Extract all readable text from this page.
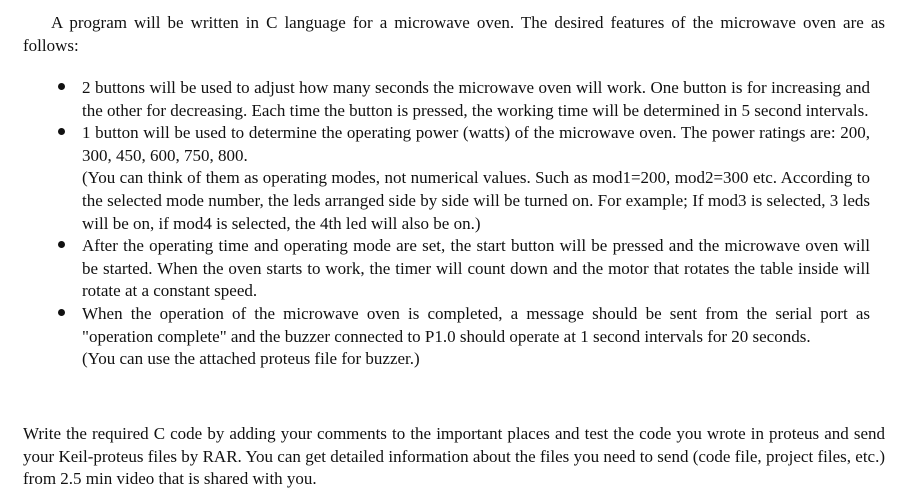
A program will be written in C language for a microwave oven. The desired features of the microwave oven are as follows:

2 buttons will be used to adjust how many seconds the microwave oven will work. One button is for increasing and the other for decreasing. Each time the button is pressed, the working time will be determined in 5 second intervals.
1 button will be used to determine the operating power (watts) of the microwave oven. The power ratings are: 200, 300, 450, 600, 750, 800.
(You can think of them as operating modes, not numerical values. Such as mod1=200, mod2=300 etc. According to the selected mode number, the leds arranged side by side will be turned on. For example; If mod3 is selected, 3 leds will be on, if mod4 is selected, the 4th led will also be on.)
After the operating time and operating mode are set, the start button will be pressed and the microwave oven will be started. When the oven starts to work, the timer will count down and the motor that rotates the table inside will rotate at a constant speed.
When the operation of the microwave oven is completed, a message should be sent from the serial port as "operation complete" and the buzzer connected to P1.0 should operate at 1 second intervals for 20 seconds.
(You can use the attached proteus file for buzzer.)

Write the required C code by adding your comments to the important places and test the code you wrote in proteus and send your Keil-proteus files by RAR. You can get detailed information about the files you need to send (code file, project files, etc.) from 2.5 min video that is shared with you.
